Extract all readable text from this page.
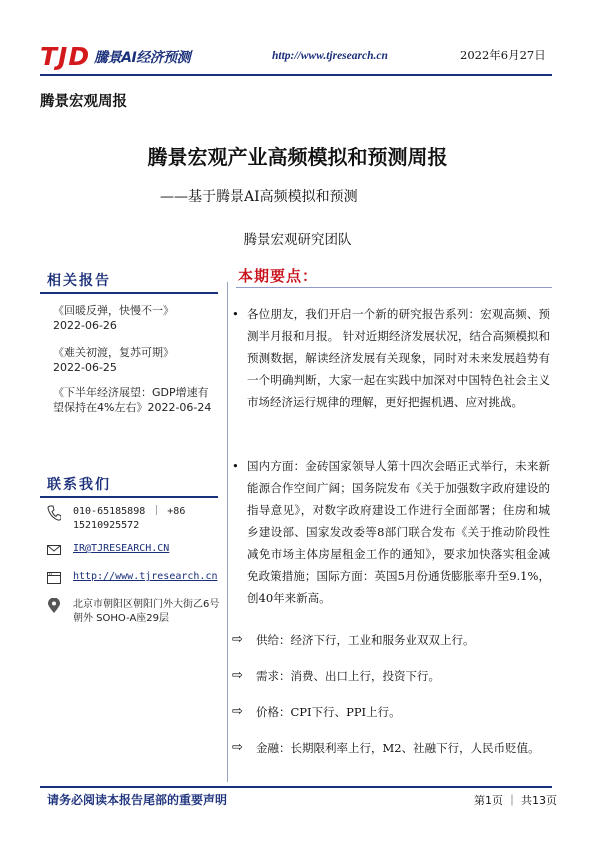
TJD 騰景AI经济预测	http://www.tjresearch.cn	2022年6月27日
腾景宏观周报
腾景宏观产业高频模拟和预测周报
——基于腾景AI高频模拟和预测
腾景宏观研究团队
相关报告
《回暖反弹，快慢不一》
2022-06-26
《难关初渡，复苏可期》
2022-06-25
《下半年经济展望：GDP增速有望保持在4%左右》2022-06-24
联系我们
010-65185898 ｜ +86 15210925572
IR@TJRESEARCH.CN
http://www.tjresearch.cn
北京市朝阳区朝阳门外大街乙6号朝外 SOHO-A座29层
本期要点：
• 各位朋友，我们开启一个新的研究报告系列：宏观高频、预测半月报和月报。 针对近期经济发展状况，结合高频模拟和预测数据，解读经济发展有关现象，同时对未来发展趋势有一个明确判断，大家一起在实践中加深对中国特色社会主义市场经济运行规律的理解，更好把握机遇、应对挑战。
• 国内方面：金砖国家领导人第十四次会晤正式举行，未来新能源合作空间广阔；国务院发布《关于加强数字政府建设的指导意见》，对数字政府建设工作进行全面部署；住房和城乡建设部、国家发改委等8部门联合发布《关于推动阶段性减免市场主体房屋租金工作的通知》，要求加快落实租金减免政策措施；国际方面：英国5月份通货膨胀率升至9.1%，创40年来新高。
⇨ 供给：经济下行，工业和服务业双双上行。
⇨ 需求：消费、出口上行，投资下行。
⇨ 价格：CPI下行、PPI上行。
⇨ 金融：长期限利率上行，M2、社融下行，人民币贬值。
请务必阅读本报告尾部的重要声明	第1页 ｜ 共13页
